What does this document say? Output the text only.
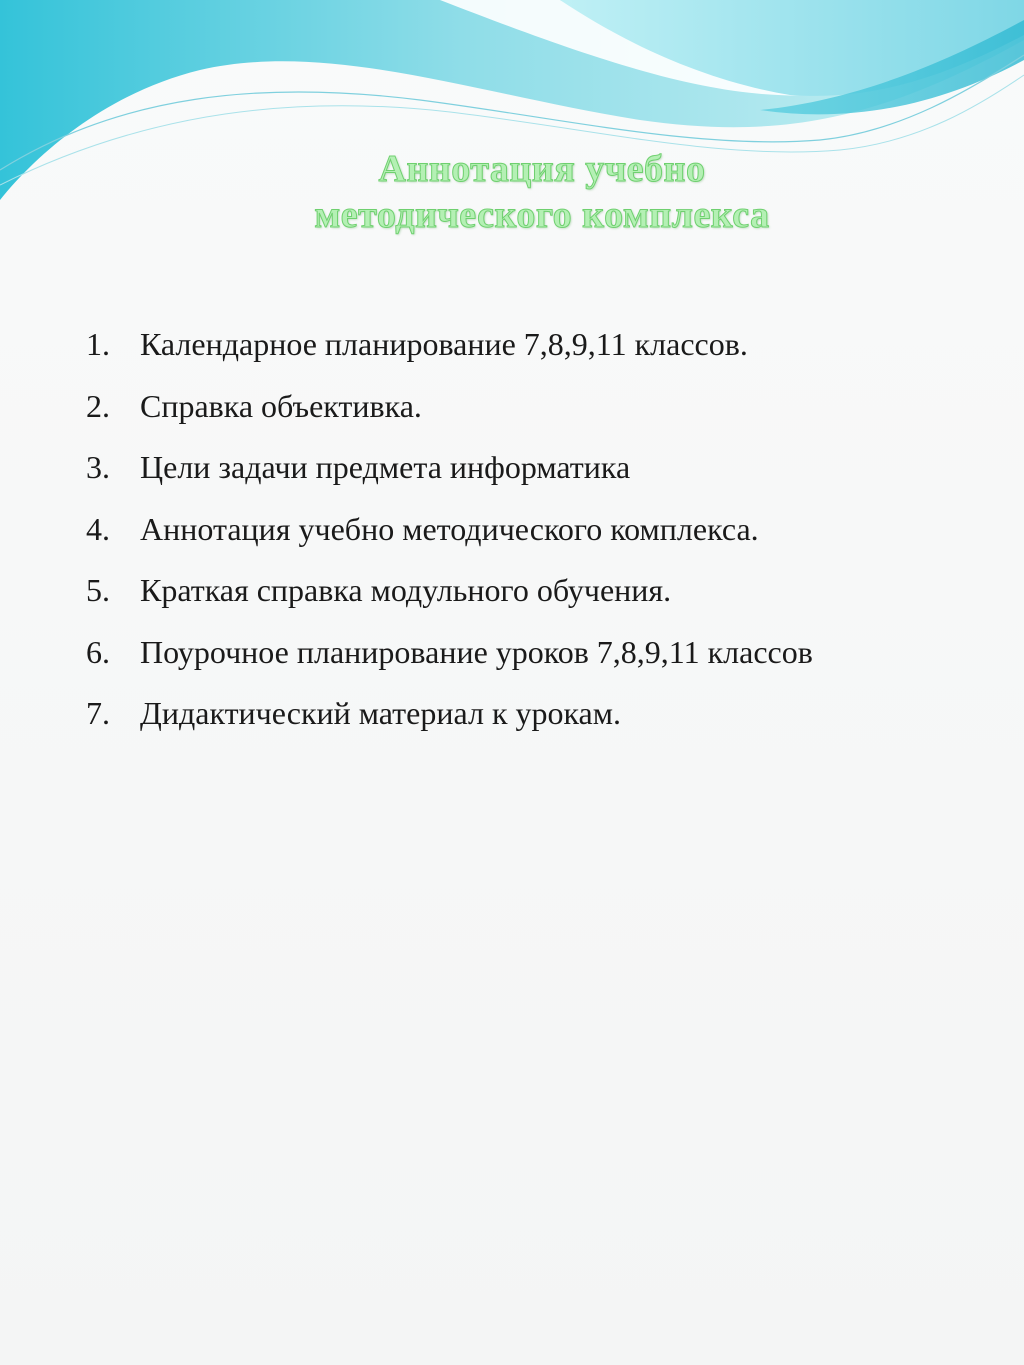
Аннотация учебно
методического комплекса
1. Календарное планирование 7,8,9,11 классов.
2. Справка объективка.
3. Цели задачи предмета информатика
4. Аннотация учебно методического комплекса.
5. Краткая справка модульного обучения.
6. Поурочное планирование уроков 7,8,9,11 классов
7. Дидактический материал к урокам.
